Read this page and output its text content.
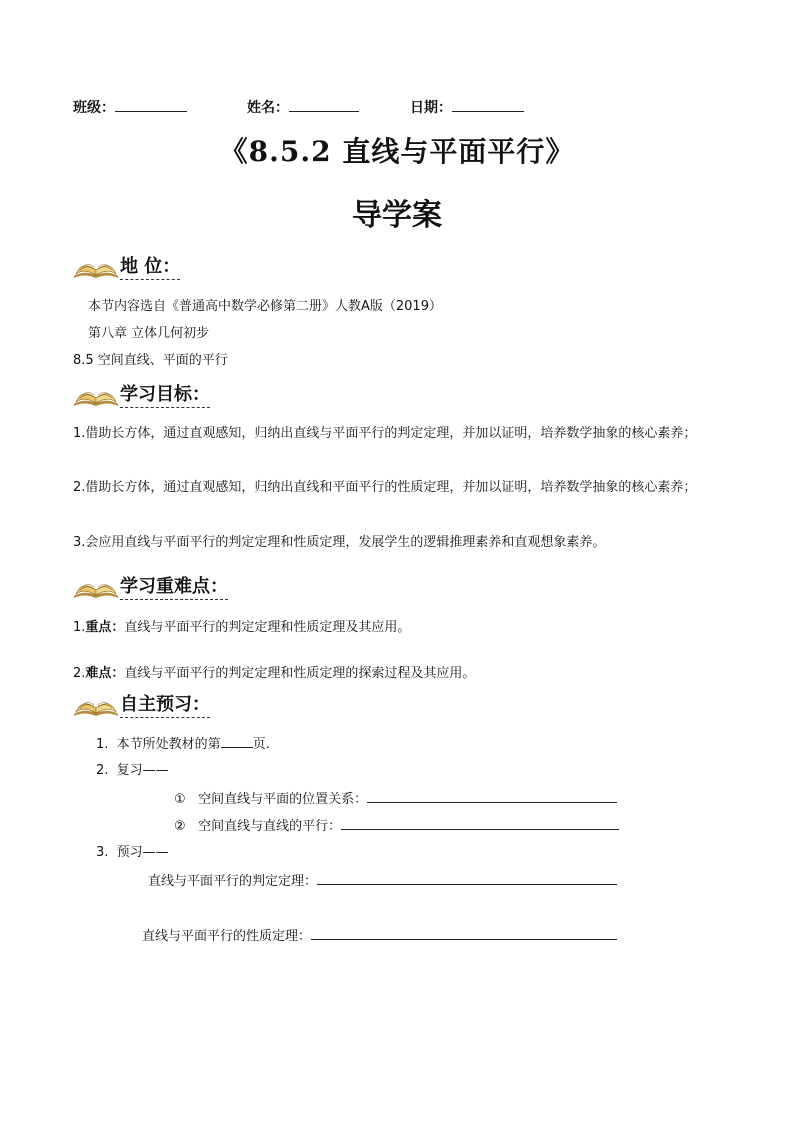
班级：	姓名：	日期：
《8.5.2 直线与平面平行》
导学案
地 位：
本节内容选自《普通高中数学必修第二册》人教A版（2019）
第八章 立体几何初步
8.5 空间直线、平面的平行
学习目标：
1.借助长方体，通过直观感知，归纳出直线与平面平行的判定定理，并加以证明，培养数学抽象的核心素养；
2.借助长方体，通过直观感知，归纳出直线和平面平行的性质定理，并加以证明，培养数学抽象的核心素养；
3.会应用直线与平面平行的判定定理和性质定理，发展学生的逻辑推理素养和直观想象素养。
学习重难点：
1.重点：直线与平面平行的判定定理和性质定理及其应用。
2.难点：直线与平面平行的判定定理和性质定理的探索过程及其应用。
自主预习：
1. 本节所处教材的第 页.
2. 复习——
① 空间直线与平面的位置关系：
② 空间直线与直线的平行：
3. 预习——
直线与平面平行的判定定理：
直线与平面平行的性质定理：
